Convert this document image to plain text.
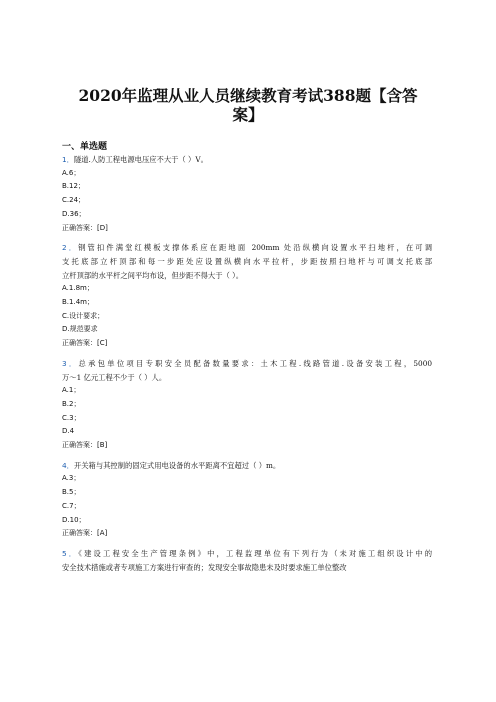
2020年监理从业人员继续教育考试388题【含答
案】
一、单选题
1．隧道.人防工程电源电压应不大于（ ）V。
A.6；
B.12；
C.24；
D.36；
正确答案：[D]
2．钢管扣件满堂红模板支撑体系应在距地面 200mm 处沿纵横向设置水平扫地杆，在可调
支托底部立杆顶部和每一步距处应设置纵横向水平拉杆，步距按照扫地杆与可调支托底部
立杆顶部的水平杆之间平均布设，但步距不得大于（ ）。
A.1.8m；
B.1.4m；
C.设计要求；
D.规范要求
正确答案：[C]
3．总承包单位项目专职安全员配备数量要求：土木工程.线路管道.设备安装工程，5000
万～1 亿元工程不少于（ ）人。
A.1；
B.2；
C.3；
D.4
正确答案：[B]
4．开关箱与其控制的固定式用电设备的水平距离不宜超过（ ）m。
A.3；
B.5；
C.7；
D.10；
正确答案：[A]
5．《建设工程安全生产管理条例》中，工程监理单位有下列行为（未对施工组织设计中的
安全技术措施或者专项施工方案进行审查的；发现安全事故隐患未及时要求施工单位整改
